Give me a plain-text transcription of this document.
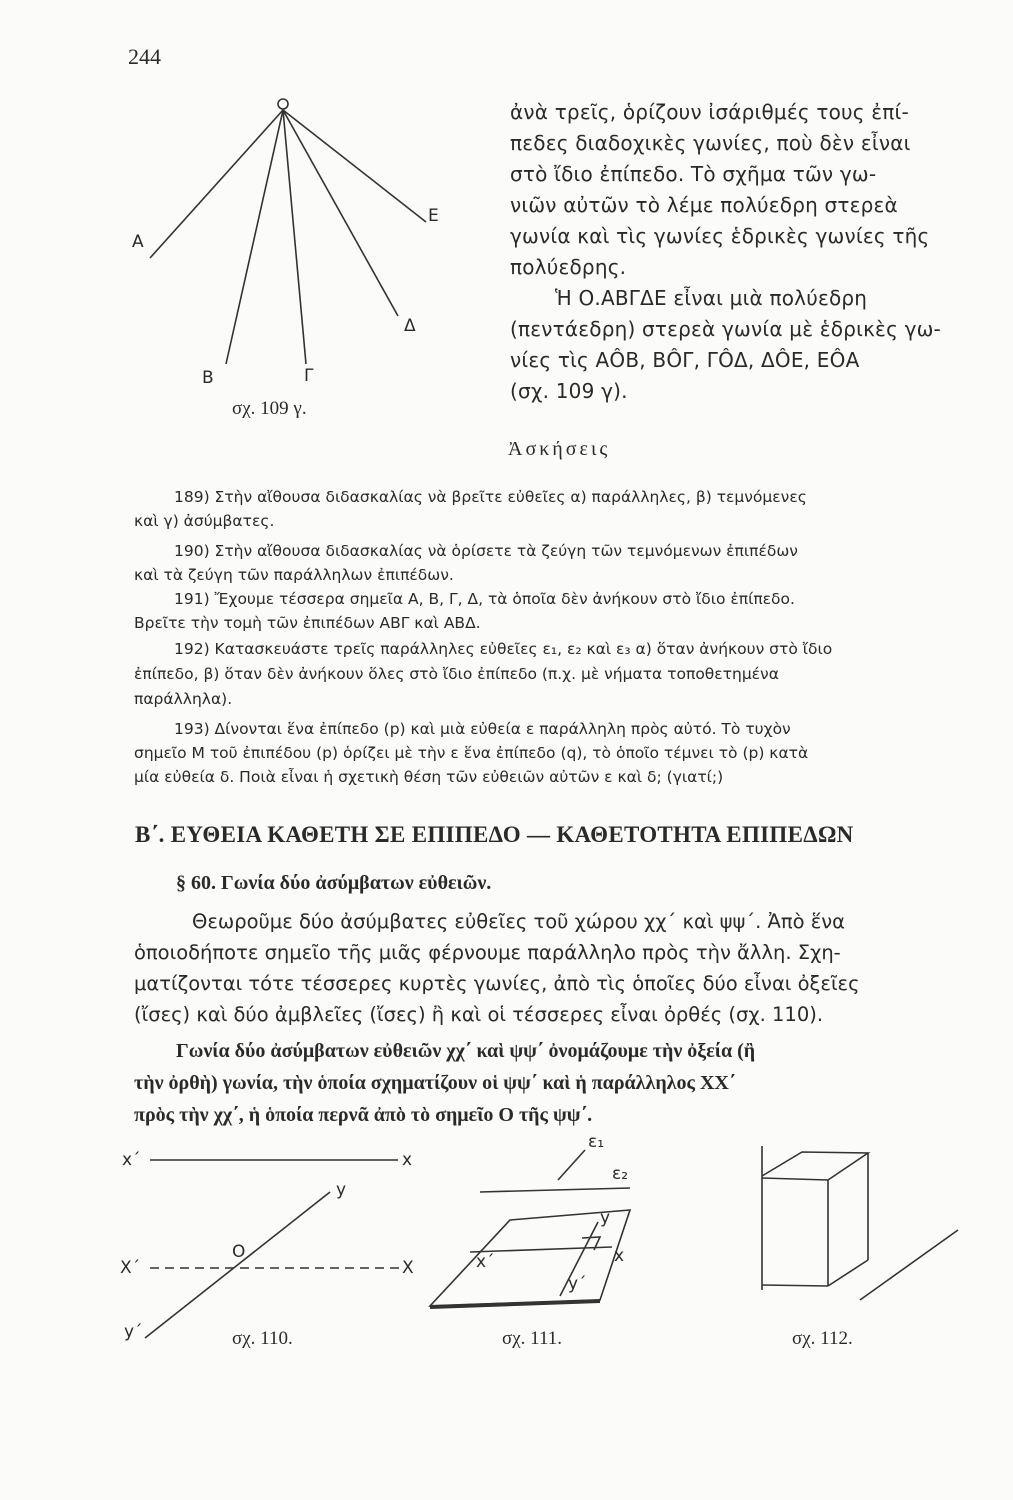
244
A
B	Γ
Δ
E
σχ. 109 γ.
ἀνὰ τρεῖς, ὁρίζουν ἰσάριθμές τους ἐπί-
πεδες διαδοχικὲς γωνίες, ποὺ δὲν εἶναι
στὸ ἴδιο ἐπίπεδο. Τὸ σχῆμα τῶν γω-
νιῶν αὐτῶν τὸ λέμε πολύεδρη στερεὰ
γωνία καὶ τὶς γωνίες ἑδρικὲς γωνίες τῆς
πολύεδρης.
Ἡ Ο.ΑΒΓΔΕ εἶναι μιὰ πολύεδρη
(πεντάεδρη) στερεὰ γωνία μὲ ἑδρικὲς γω-
νίες τὶς ΑÔΒ, ΒÔΓ, ΓÔΔ, ΔÔΕ, ΕÔΑ
(σχ. 109 γ).
Ἀσκήσεις
189) Στὴν αἴθουσα διδασκαλίας νὰ βρεῖτε εὐθεῖες α) παράλληλες, β) τεμνόμενες
καὶ γ) ἀσύμβατες.
190) Στὴν αἴθουσα διδασκαλίας νὰ ὁρίσετε τὰ ζεύγη τῶν τεμνόμενων ἐπιπέδων
καὶ τὰ ζεύγη τῶν παράλληλων ἐπιπέδων.
191) Ἔχουμε τέσσερα σημεῖα Α, Β, Γ, Δ, τὰ ὁποῖα δὲν ἀνήκουν στὸ ἴδιο ἐπίπεδο.
Βρεῖτε τὴν τομὴ τῶν ἐπιπέδων ΑΒΓ καὶ ΑΒΔ.
192) Κατασκευάστε τρεῖς παράλληλες εὐθεῖες ε₁, ε₂ καὶ ε₃ α) ὅταν ἀνήκουν στὸ ἴδιο
ἐπίπεδο, β) ὅταν δὲν ἀνήκουν ὅλες στὸ ἴδιο ἐπίπεδο (π.χ. μὲ νήματα τοποθετημένα
παράλληλα).
193) Δίνονται ἕνα ἐπίπεδο (p) καὶ μιὰ εὐθεία ε παράλληλη πρὸς αὐτό. Τὸ τυχὸν
σημεῖο Μ τοῦ ἐπιπέδου (p) ὁρίζει μὲ τὴν ε ἕνα ἐπίπεδο (q), τὸ ὁποῖο τέμνει τὸ (p) κατὰ
μία εὐθεία δ. Ποιὰ εἶναι ἡ σχετικὴ θέση τῶν εὐθειῶν αὐτῶν ε καὶ δ; (γιατί;)
Β΄. ΕΥΘΕΙΑ ΚΑΘΕΤΗ ΣΕ ΕΠΙΠΕΔΟ — ΚΑΘΕΤΟΤΗΤΑ ΕΠΙΠΕΔΩΝ
§ 60. Γωνία δύο ἀσύμβατων εὐθειῶν.
Θεωροῦμε δύο ἀσύμβατες εὐθεῖες τοῦ χώρου χχ΄ καὶ ψψ΄. Ἀπὸ ἕνα
ὁποιοδήποτε σημεῖο τῆς μιᾶς φέρνουμε παράλληλο πρὸς τὴν ἄλλη. Σχη-
ματίζονται τότε τέσσερες κυρτὲς γωνίες, ἀπὸ τὶς ὁποῖες δύο εἶναι ὀξεῖες
(ἴσες) καὶ δύο ἀμβλεῖες (ἴσες) ἢ καὶ οἱ τέσσερες εἶναι ὀρθές (σχ. 110).
Γωνία δύο ἀσύμβατων εὐθειῶν χχ΄ καὶ ψψ΄ ὀνομάζουμε τὴν ὀξεία (ἢ
τὴν ὀρθὴ) γωνία, τὴν ὁποία σχηματίζουν οἱ ψψ΄ καὶ ἡ παράλληλος ΧΧ΄
πρὸς τὴν χχ΄, ἡ ὁποία περνᾶ ἀπὸ τὸ σημεῖο Ο τῆς ψψ΄.
x΄	x
y
O
X΄	X
y΄	σχ. 110.
ε₁
ε₂
y
x
x΄
y΄
σχ. 111.	σχ. 112.
